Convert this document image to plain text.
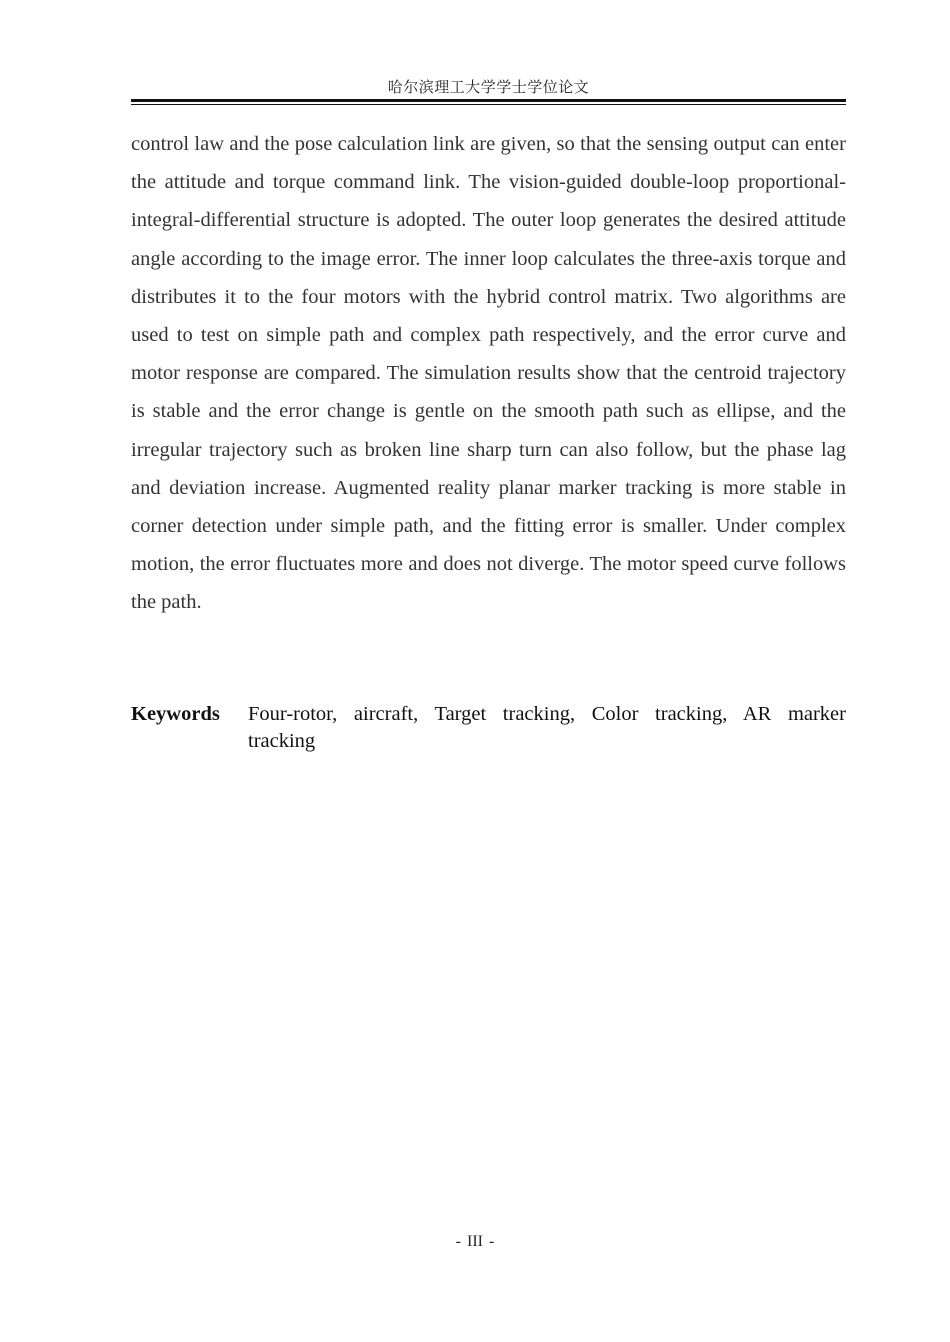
哈尔滨理工大学学士学位论文

control law and the pose calculation link are given, so that the sensing output can enter the attitude and torque command link. The vision-guided double-loop proportional-integral-differential structure is adopted. The outer loop generates the desired attitude angle according to the image error. The inner loop calculates the three-axis torque and distributes it to the four motors with the hybrid control matrix. Two algorithms are used to test on simple path and complex path respectively, and the error curve and motor response are compared. The simulation results show that the centroid trajectory is stable and the error change is gentle on the smooth path such as ellipse, and the irregular trajectory such as broken line sharp turn can also follow, but the phase lag and deviation increase. Augmented reality planar marker tracking is more stable in corner detection under simple path, and the fitting error is smaller. Under complex motion, the error fluctuates more and does not diverge. The motor speed curve follows the path.

Keywords	Four-rotor, aircraft, Target tracking, Color tracking, AR marker tracking
- III -
